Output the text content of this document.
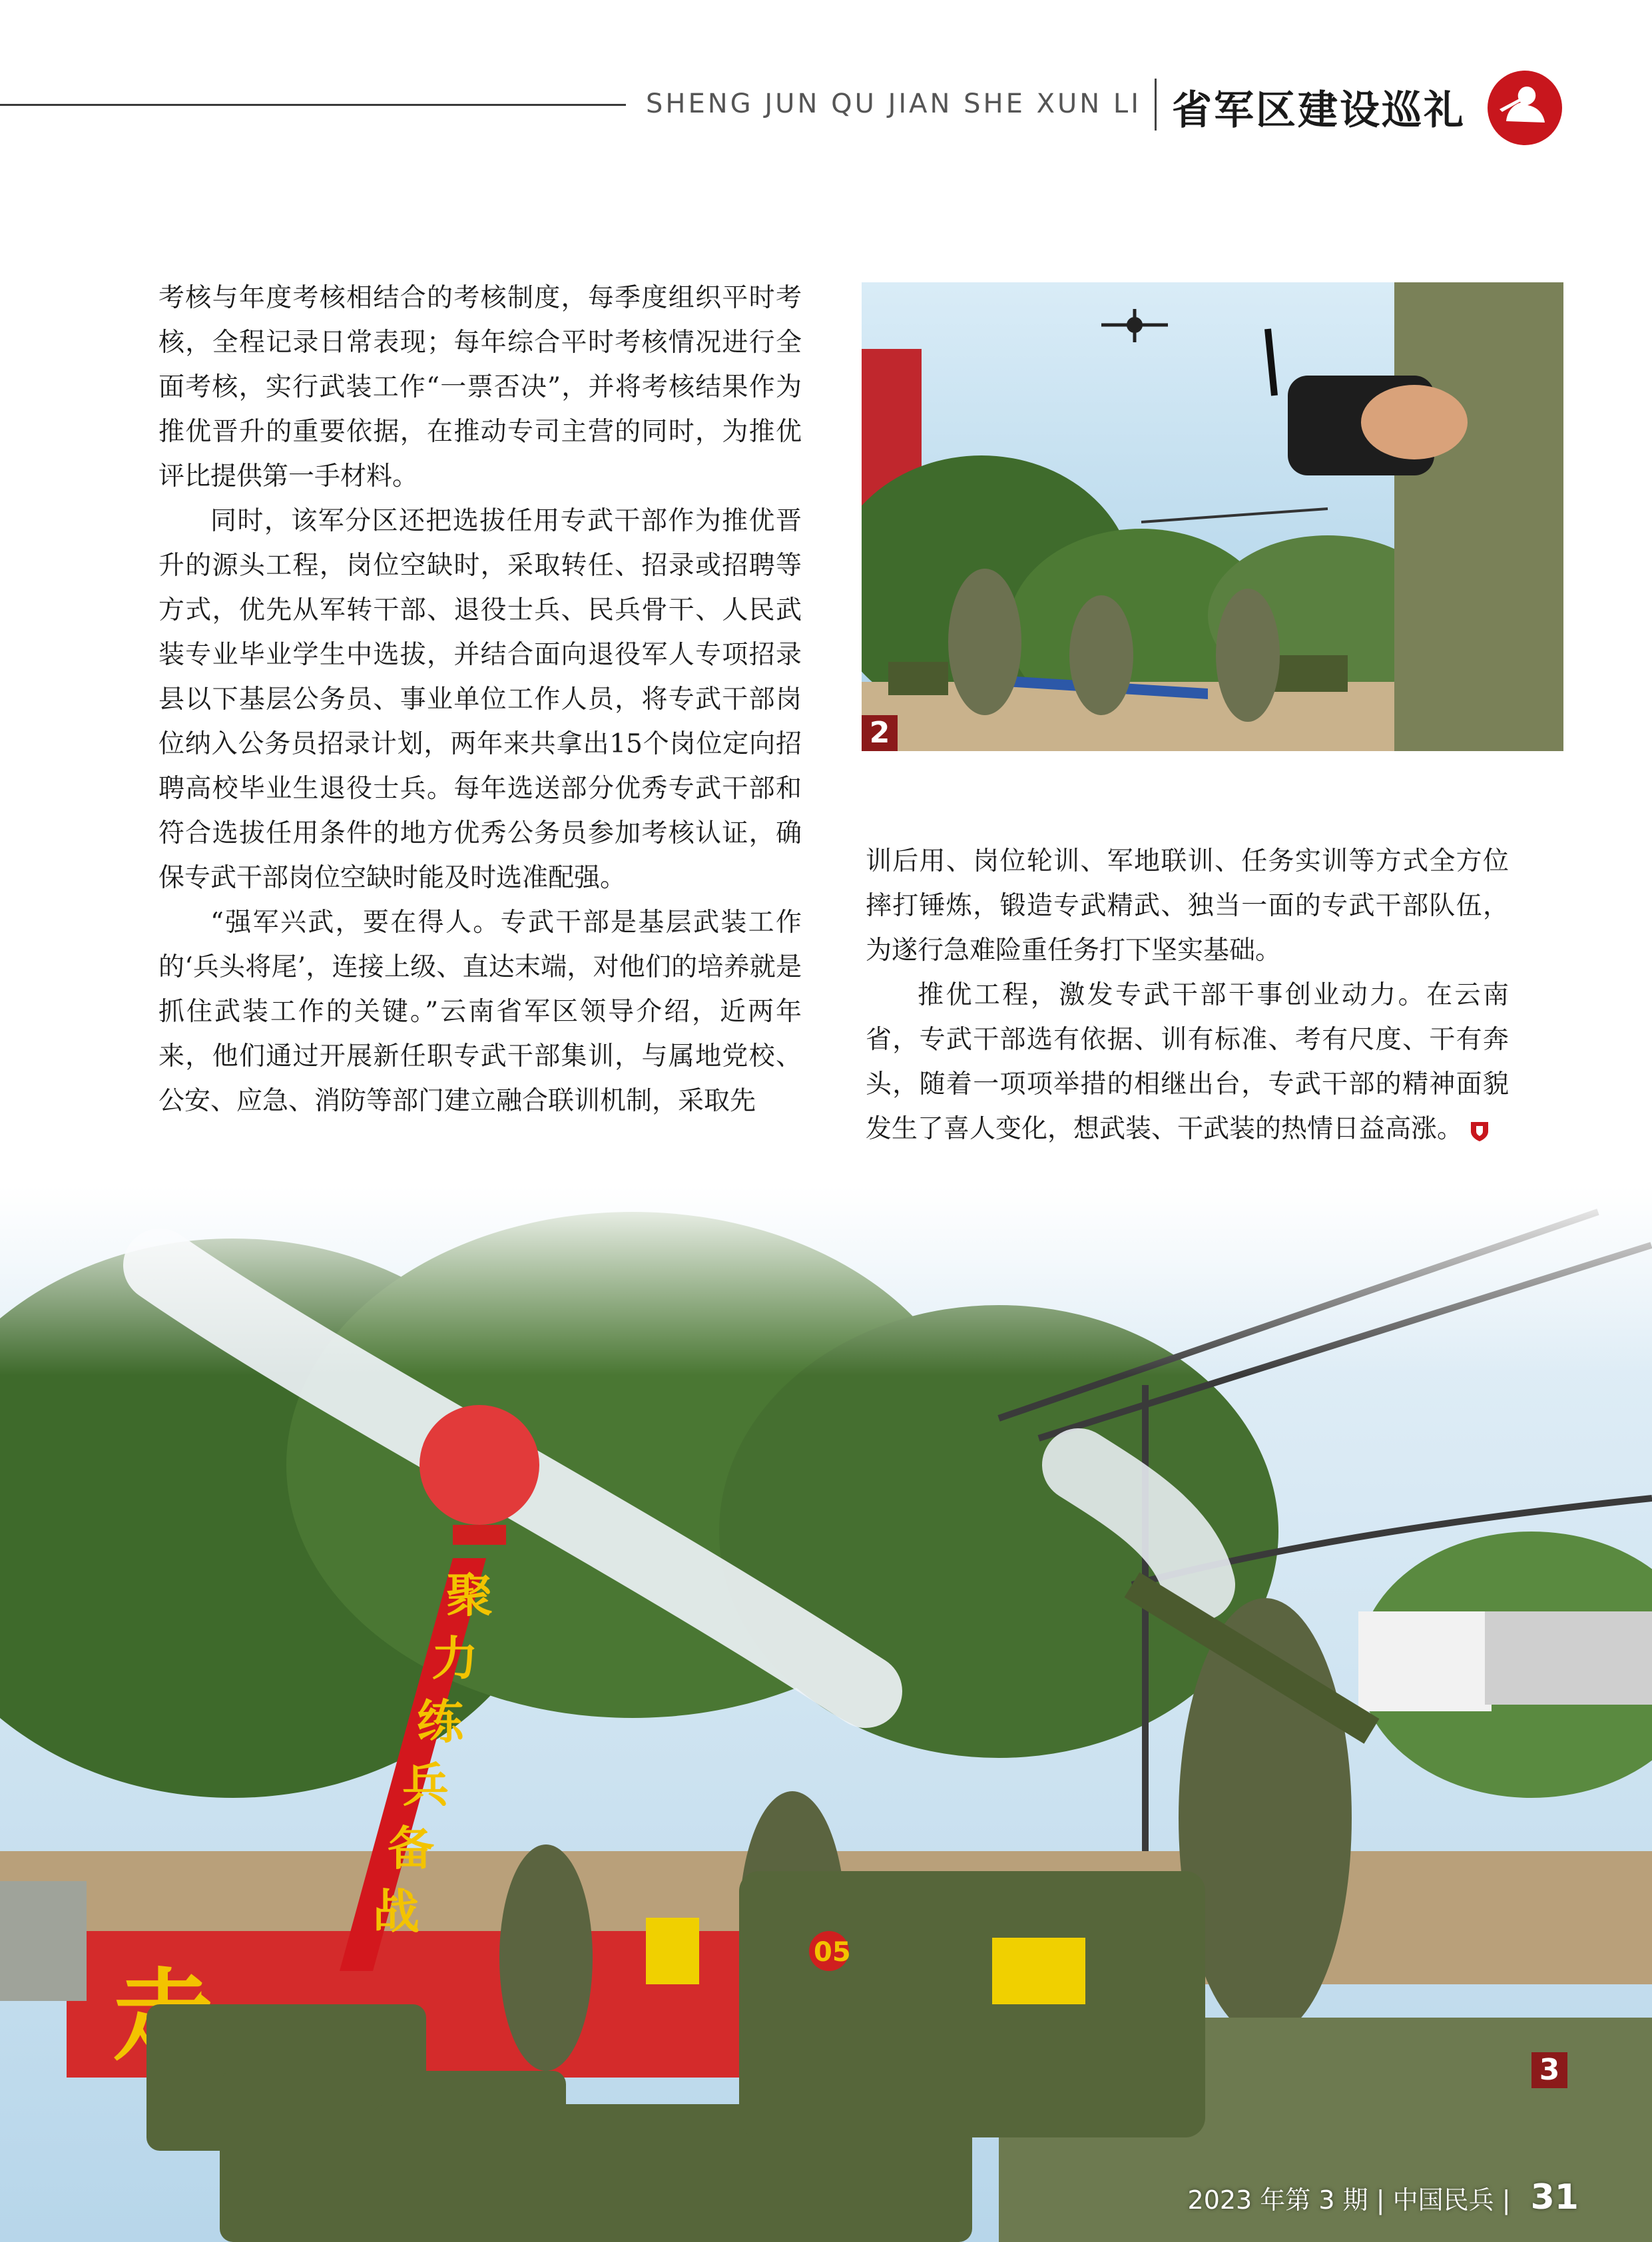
SHENG JUN QU JIAN SHE XUN LI 省军区建设巡礼

考核与年度考核相结合的考核制度，每季度组织平时考核，全程记录日常表现；每年综合平时考核情况进行全面考核，实行武装工作“一票否决”，并将考核结果作为推优晋升的重要依据，在推动专司主营的同时，为推优评比提供第一手材料。

同时，该军分区还把选拔任用专武干部作为推优晋升的源头工程，岗位空缺时，采取转任、招录或招聘等方式，优先从军转干部、退役士兵、民兵骨干、人民武装专业毕业学生中选拔，并结合面向退役军人专项招录县以下基层公务员、事业单位工作人员，将专武干部岗位纳入公务员招录计划，两年来共拿出15个岗位定向招聘高校毕业生退役士兵。每年选送部分优秀专武干部和符合选拔任用条件的地方优秀公务员参加考核认证，确保专武干部岗位空缺时能及时选准配强。

“强军兴武，要在得人。专武干部是基层武装工作的‘兵头将尾’，连接上级、直达末端，对他们的培养就是抓住武装工作的关键。”云南省军区领导介绍，近两年来，他们通过开展新任职专武干部集训，与属地党校、公安、应急、消防等部门建立融合联训机制，采取先

训后用、岗位轮训、军地联训、任务实训等方式全方位摔打锤炼，锻造专武精武、独当一面的专武干部队伍，为遂行急难险重任务打下坚实基础。

推优工程，激发专武干部干事创业动力。在云南省，专武干部选有依据、训有标准、考有尺度、干有奔头，随着一项项举措的相继出台，专武干部的精神面貌发生了喜人变化，想武装、干武装的热情日益高涨。

2
3
2023 年第 3 期 | 中国民兵 | 31
